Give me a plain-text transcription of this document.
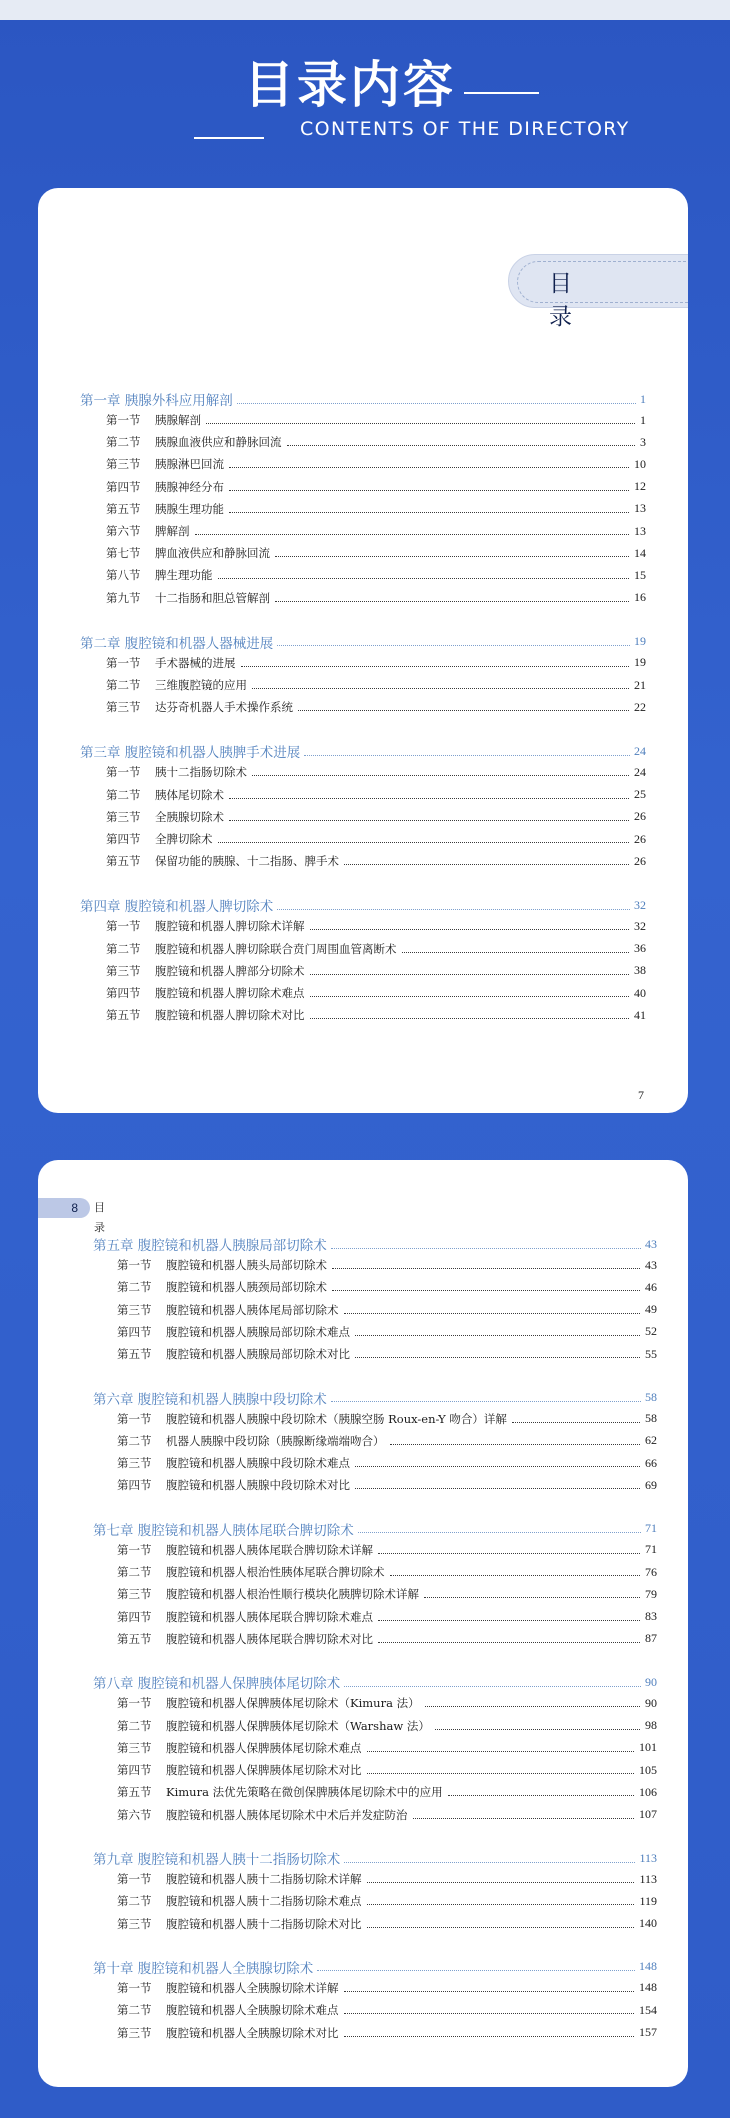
目录内容
CONTENTS OF THE DIRECTORY
目 录
第一章 胰腺外科应用解剖	1
第一节	胰腺解剖	1
第二节	胰腺血液供应和静脉回流	3
第三节	胰腺淋巴回流	10
第四节	胰腺神经分布	12
第五节	胰腺生理功能	13
第六节	脾解剖	13
第七节	脾血液供应和静脉回流	14
第八节	脾生理功能	15
第九节	十二指肠和胆总管解剖	16
第二章 腹腔镜和机器人器械进展	19
第一节	手术器械的进展	19
第二节	三维腹腔镜的应用	21
第三节	达芬奇机器人手术操作系统	22
第三章 腹腔镜和机器人胰脾手术进展	24
第一节	胰十二指肠切除术	24
第二节	胰体尾切除术	25
第三节	全胰腺切除术	26
第四节	全脾切除术	26
第五节	保留功能的胰腺、十二指肠、脾手术	26
第四章 腹腔镜和机器人脾切除术	32
第一节	腹腔镜和机器人脾切除术详解	32
第二节	腹腔镜和机器人脾切除联合贲门周围血管离断术	36
第三节	腹腔镜和机器人脾部分切除术	38
第四节	腹腔镜和机器人脾切除术难点	40
第五节	腹腔镜和机器人脾切除术对比	41
7
8	目 录
第五章 腹腔镜和机器人胰腺局部切除术	43
第一节	腹腔镜和机器人胰头局部切除术	43
第二节	腹腔镜和机器人胰颈局部切除术	46
第三节	腹腔镜和机器人胰体尾局部切除术	49
第四节	腹腔镜和机器人胰腺局部切除术难点	52
第五节	腹腔镜和机器人胰腺局部切除术对比	55
第六章 腹腔镜和机器人胰腺中段切除术	58
第一节	腹腔镜和机器人胰腺中段切除术（胰腺空肠 Roux-en-Y 吻合）详解	58
第二节	机器人胰腺中段切除（胰腺断缘端端吻合）	62
第三节	腹腔镜和机器人胰腺中段切除术难点	66
第四节	腹腔镜和机器人胰腺中段切除术对比	69
第七章 腹腔镜和机器人胰体尾联合脾切除术	71
第一节	腹腔镜和机器人胰体尾联合脾切除术详解	71
第二节	腹腔镜和机器人根治性胰体尾联合脾切除术	76
第三节	腹腔镜和机器人根治性顺行模块化胰脾切除术详解	79
第四节	腹腔镜和机器人胰体尾联合脾切除术难点	83
第五节	腹腔镜和机器人胰体尾联合脾切除术对比	87
第八章 腹腔镜和机器人保脾胰体尾切除术	90
第一节	腹腔镜和机器人保脾胰体尾切除术（Kimura 法）	90
第二节	腹腔镜和机器人保脾胰体尾切除术（Warshaw 法）	98
第三节	腹腔镜和机器人保脾胰体尾切除术难点	101
第四节	腹腔镜和机器人保脾胰体尾切除术对比	105
第五节	Kimura 法优先策略在微创保脾胰体尾切除术中的应用	106
第六节	腹腔镜和机器人胰体尾切除术中术后并发症防治	107
第九章 腹腔镜和机器人胰十二指肠切除术	113
第一节	腹腔镜和机器人胰十二指肠切除术详解	113
第二节	腹腔镜和机器人胰十二指肠切除术难点	119
第三节	腹腔镜和机器人胰十二指肠切除术对比	140
第十章 腹腔镜和机器人全胰腺切除术	148
第一节	腹腔镜和机器人全胰腺切除术详解	148
第二节	腹腔镜和机器人全胰腺切除术难点	154
第三节	腹腔镜和机器人全胰腺切除术对比	157
